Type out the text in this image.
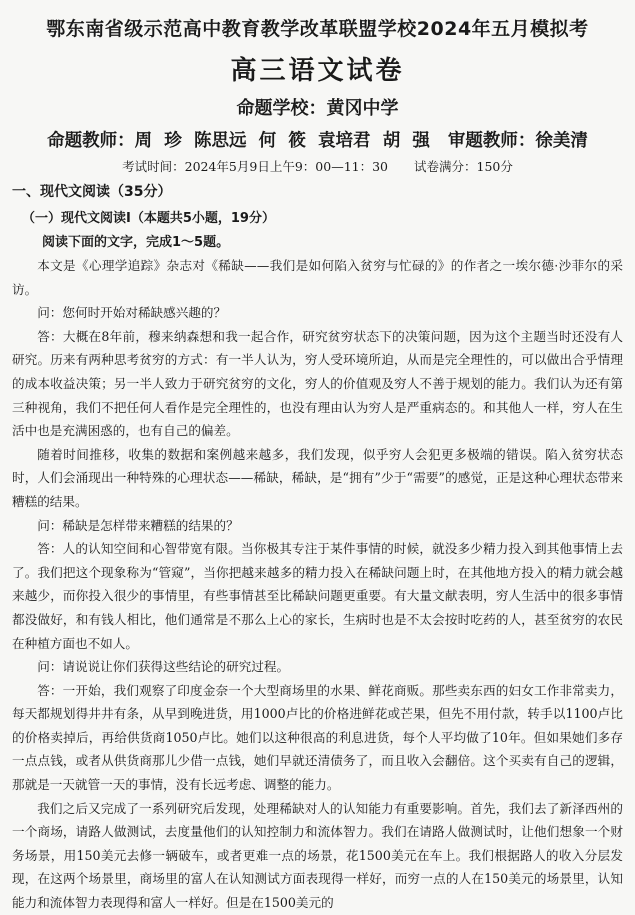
鄂东南省级示范高中教育教学改革联盟学校2024年五月模拟考
高三语文试卷
命题学校：黄冈中学
命题教师：周  珍  陈思远  何  筱  袁培君  胡  强 审题教师：徐美清
考试时间：2024年5月9日上午9：00—11：30 试卷满分：150分
一、现代文阅读（35分）
（一）现代文阅读Ⅰ（本题共5小题，19分）
阅读下面的文字，完成1～5题。

本文是《心理学追踪》杂志对《稀缺——我们是如何陷入贫穷与忙碌的》的作者之一埃尔德·沙菲尔的采访。

问：您何时开始对稀缺感兴趣的？

答：大概在8年前，穆来纳森想和我一起合作，研究贫穷状态下的决策问题，因为这个主题当时还没有人研究。历来有两种思考贫穷的方式：有一半人认为，穷人受环境所迫，从而是完全理性的，可以做出合乎情理的成本收益决策；另一半人致力于研究贫穷的文化，穷人的价值观及穷人不善于规划的能力。我们认为还有第三种视角，我们不把任何人看作是完全理性的，也没有理由认为穷人是严重病态的。和其他人一样，穷人在生活中也是充满困惑的，也有自己的偏差。

随着时间推移，收集的数据和案例越来越多，我们发现，似乎穷人会犯更多极端的错误。陷入贫穷状态时，人们会涌现出一种特殊的心理状态——稀缺，稀缺，是“拥有”少于“需要”的感觉，正是这种心理状态带来糟糕的结果。

问：稀缺是怎样带来糟糕的结果的？

答：人的认知空间和心智带宽有限。当你极其专注于某件事情的时候，就没多少精力投入到其他事情上去了。我们把这个现象称为“管窥”，当你把越来越多的精力投入在稀缺问题上时，在其他地方投入的精力就会越来越少，而你投入很少的事情里，有些事情甚至比稀缺问题更重要。有大量文献表明，穷人生活中的很多事情都没做好，和有钱人相比，他们通常是不那么上心的家长，生病时也是不太会按时吃药的人，甚至贫穷的农民在种植方面也不如人。

问：请说说让你们获得这些结论的研究过程。

答：一开始，我们观察了印度金奈一个大型商场里的水果、鲜花商贩。那些卖东西的妇女工作非常卖力，每天都规划得井井有条，从早到晚进货，用1000卢比的价格进鲜花或芒果，但先不用付款，转手以1100卢比的价格卖掉后，再给供货商1050卢比。她们以这种很高的利息进货，每个人平均做了10年。但如果她们多存一点点钱，或者从供货商那儿少借一点钱，她们早就还清债务了，而且收入会翻倍。这个买卖有自己的逻辑，那就是一天就管一天的事情，没有长远考虑、调整的能力。

我们之后又完成了一系列研究后发现，处理稀缺对人的认知能力有重要影响。首先，我们去了新泽西州的一个商场，请路人做测试，去度量他们的认知控制力和流体智力。我们在请路人做测试时，让他们想象一个财务场景，用150美元去修一辆破车，或者更难一点的场景，花1500美元在车上。我们根据路人的收入分层发现，在这两个场景里，商场里的富人在认知测试方面表现得一样好，而穷一点的人在150美元的场景里，认知能力和流体智力表现得和富人一样好。但是在1500美元的
